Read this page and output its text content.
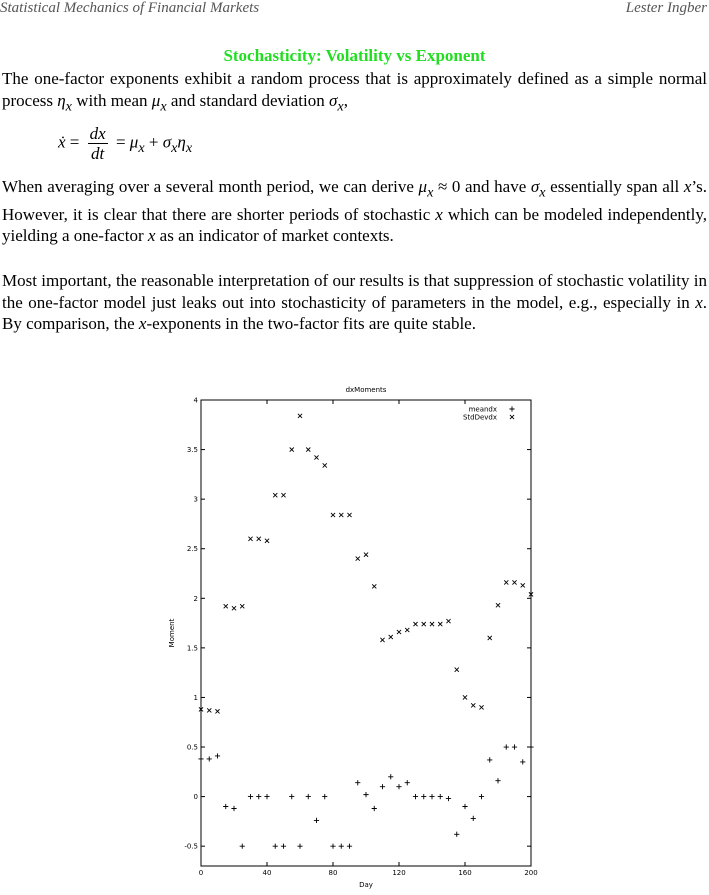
Statistical Mechanics of Financial Markets	Lester Ingber
Stochasticity: Volatility vs Exponent
The one-factor exponents exhibit a random process that is approximately defined as a simple normal process $\eta_x$ with mean $\mu_x$ and standard deviation $\sigma_x$,
ẋ = $\frac{dx}{dt} = \mu_x + \sigma_x\eta_x$
When averaging over a several month period, we can derive $\mu_x \approx 0$ and have $\sigma_x$ essentially span all x’s. However, it is clear that there are shorter periods of stochastic x which can be modeled independently, yielding a one-factor x as an indicator of market contexts.
Most important, the reasonable interpretation of our results is that suppression of stochastic volatility in the one-factor model just leaks out into stochasticity of parameters in the model, e.g., especially in x. By comparison, the x-exponents in the two-factor fits are quite stable.
0	40	80	120	160	200
-0.5
0
0.5
1
1.5
2
2.5
3
3.5
4
meandx
StdDevdx
dxMoments
Day
Moment
